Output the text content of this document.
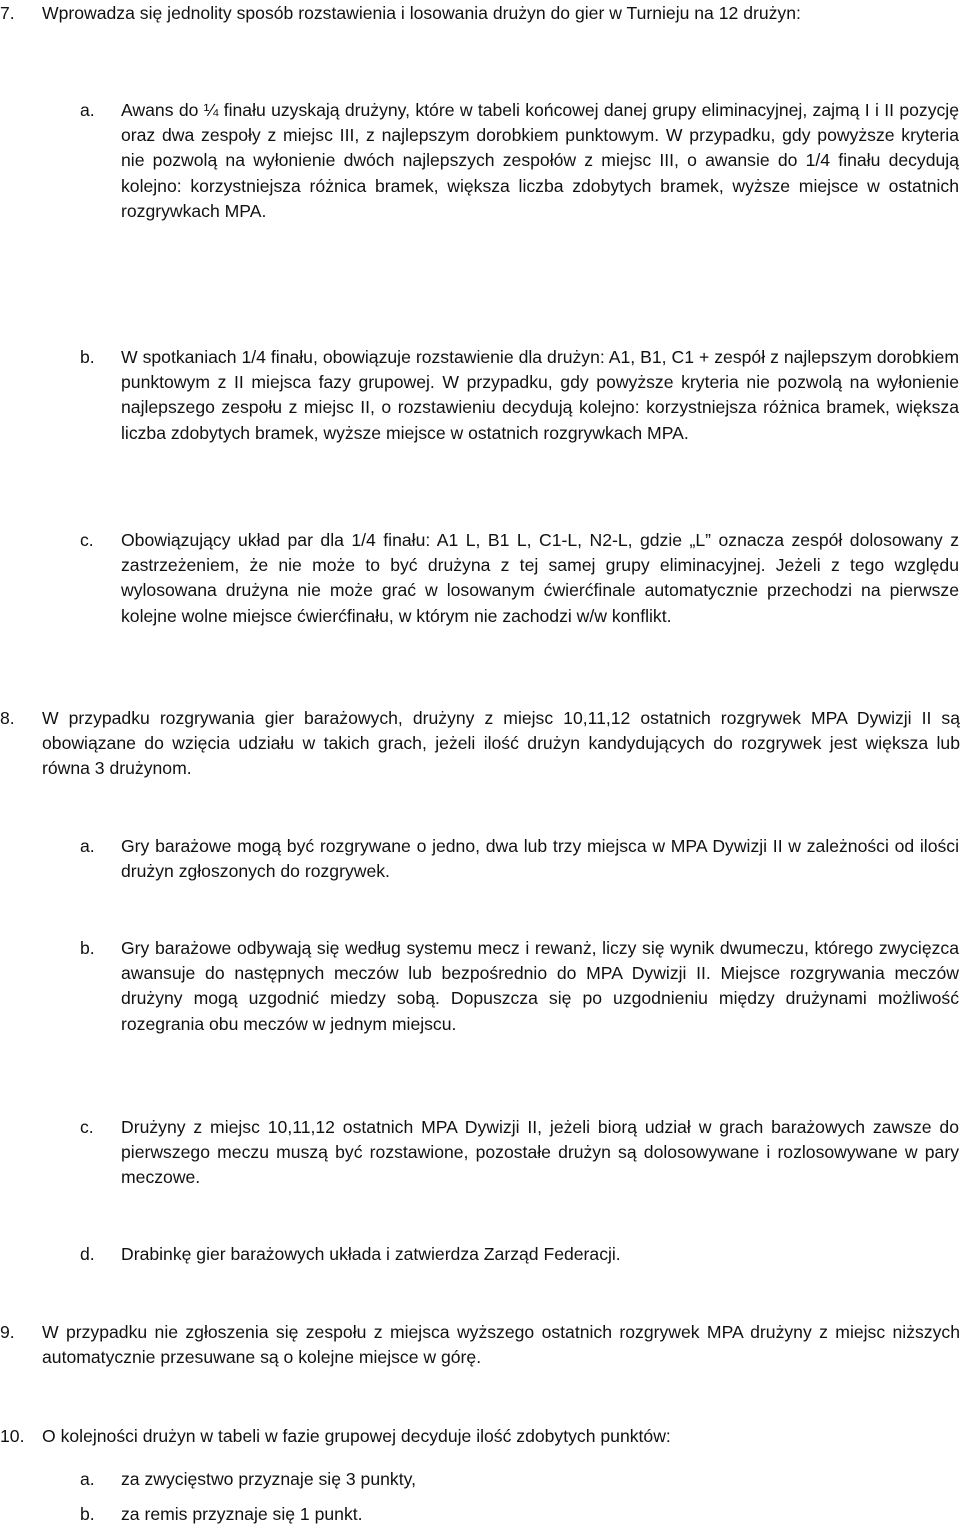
7. Wprowadza się jednolity sposób rozstawienia i losowania drużyn do gier w Turnieju na 12 drużyn:
a. Awans do ¼ finału uzyskają drużyny, które w tabeli końcowej danej grupy eliminacyjnej, zajmą I i II pozycję oraz dwa zespoły z miejsc III, z najlepszym dorobkiem punktowym. W przypadku, gdy powyższe kryteria nie pozwolą na wyłonienie dwóch najlepszych zespołów z miejsc III, o awansie do 1/4 finału decydują kolejno: korzystniejsza różnica bramek, większa liczba zdobytych bramek, wyższe miejsce w ostatnich rozgrywkach MPA.
b. W spotkaniach 1/4 finału, obowiązuje rozstawienie dla drużyn: A1, B1, C1 + zespół z najlepszym dorobkiem punktowym z II miejsca fazy grupowej. W przypadku, gdy powyższe kryteria nie pozwolą na wyłonienie najlepszego zespołu z miejsc II, o rozstawieniu decydują kolejno: korzystniejsza różnica bramek, większa liczba zdobytych bramek, wyższe miejsce w ostatnich rozgrywkach MPA.
c. Obowiązujący układ par dla 1/4 finału: A1 L, B1 L, C1-L, N2-L, gdzie „L” oznacza zespół dolosowany z zastrzeżeniem, że nie może to być drużyna z tej samej grupy eliminacyjnej. Jeżeli z tego względu wylosowana drużyna nie może grać w losowanym ćwierćfinale automatycznie przechodzi na pierwsze kolejne wolne miejsce ćwierćfinału, w którym nie zachodzi w/w konflikt.
8. W przypadku rozgrywania gier barażowych, drużyny z miejsc 10,11,12 ostatnich rozgrywek MPA Dywizji II są obowiązane do wzięcia udziału w takich grach, jeżeli ilość drużyn kandydujących do rozgrywek jest większa lub równa 3 drużynom.
a. Gry barażowe mogą być rozgrywane o jedno, dwa lub trzy miejsca w MPA Dywizji II w zależności od ilości drużyn zgłoszonych do rozgrywek.
b. Gry barażowe odbywają się według systemu mecz i rewanż, liczy się wynik dwumeczu, którego zwycięzca awansuje do następnych meczów lub bezpośrednio do MPA Dywizji II. Miejsce rozgrywania meczów drużyny mogą uzgodnić miedzy sobą. Dopuszcza się po uzgodnieniu między drużynami możliwość rozegrania obu meczów w jednym miejscu.
c. Drużyny z miejsc 10,11,12 ostatnich MPA Dywizji II, jeżeli biorą udział w grach barażowych zawsze do pierwszego meczu muszą być rozstawione, pozostałe drużyn są dolosowywane i rozlosowywane w pary meczowe.
d. Drabinkę gier barażowych układa i zatwierdza Zarząd Federacji.
9. W przypadku nie zgłoszenia się zespołu z miejsca wyższego ostatnich rozgrywek MPA drużyny z miejsc niższych automatycznie przesuwane są o kolejne miejsce w górę.
10. O kolejności drużyn w tabeli w fazie grupowej decyduje ilość zdobytych punktów:
a. za zwycięstwo przyznaje się 3 punkty,
b. za remis przyznaje się 1 punkt.
